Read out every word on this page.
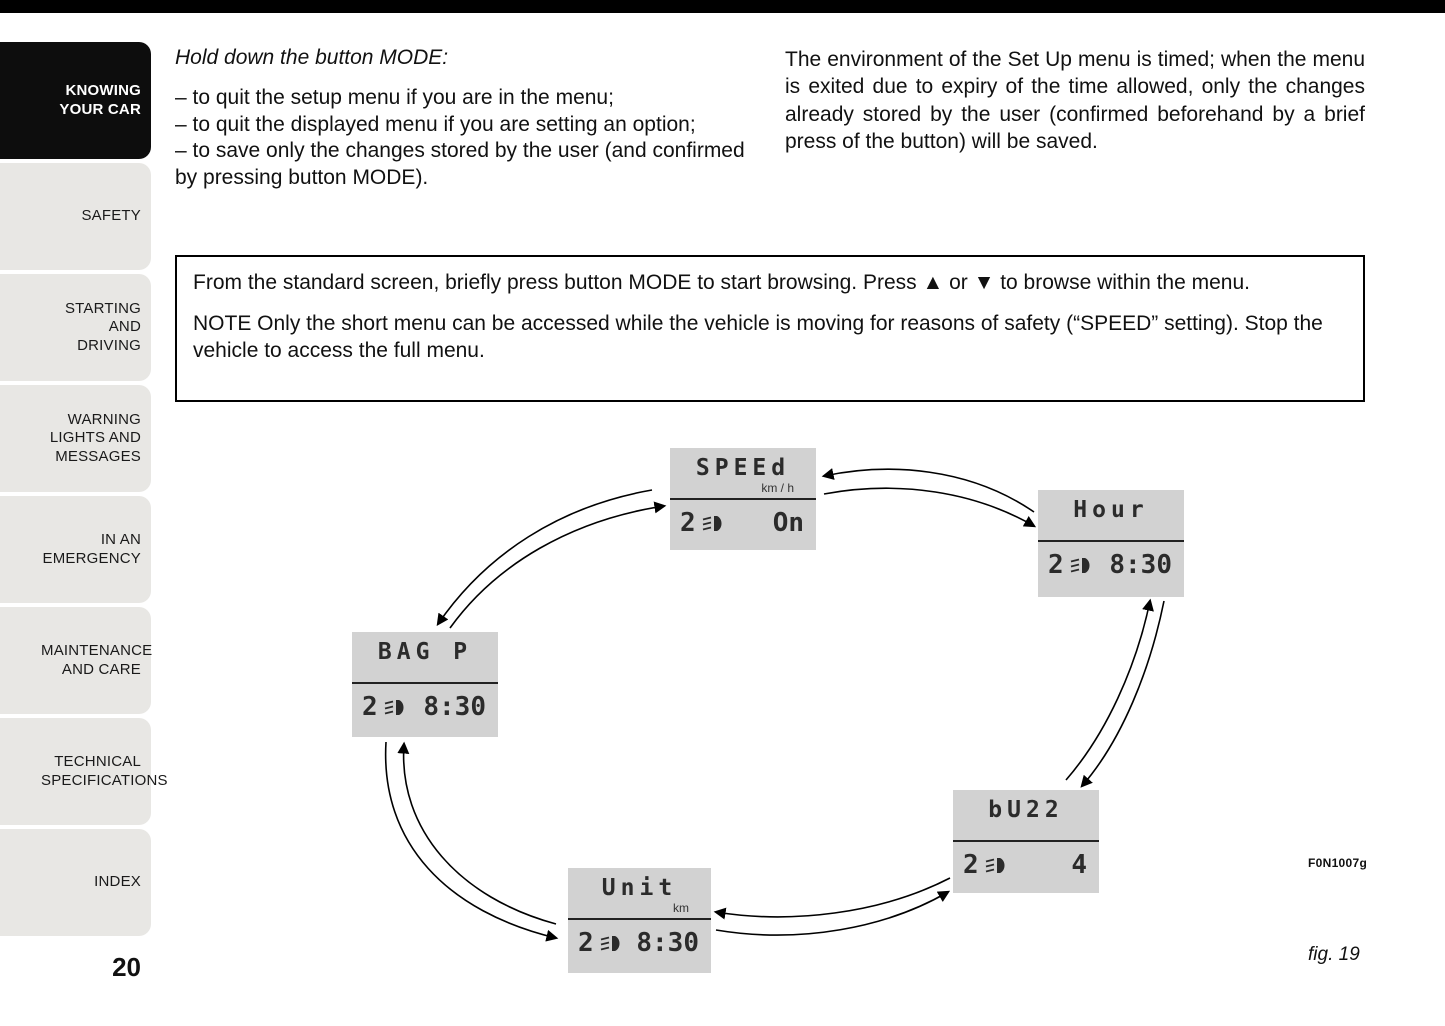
KNOWING YOUR CAR
SAFETY
STARTING AND DRIVING
WARNING LIGHTS AND MESSAGES
IN AN EMERGENCY
MAINTENANCE AND CARE
TECHNICAL SPECIFICATIONS
INDEX
20
Hold down the button MODE:

– to quit the setup menu if you are in the menu;

– to quit the displayed menu if you are setting an option;

– to save only the changes stored by the user (and confirmed by pressing button MODE).

The environment of the Set Up menu is timed; when the menu is exited due to expiry of the time allowed, only the changes already stored by the user (confirmed beforehand by a brief press of the button) will be saved.

From the standard screen, briefly press button MODE to start browsing. Press ▲ or ▼ to browse within the menu.

NOTE Only the short menu can be accessed while the vehicle is moving for reasons of safety (“SPEED” setting). Stop the vehicle to access the full menu.

SPEEd
km / h
2	On	Hour
2 8:30
bU22
2	4
Unit
km
2 8:30
BAG P
2 8:30
F0N1007g
fig. 19
